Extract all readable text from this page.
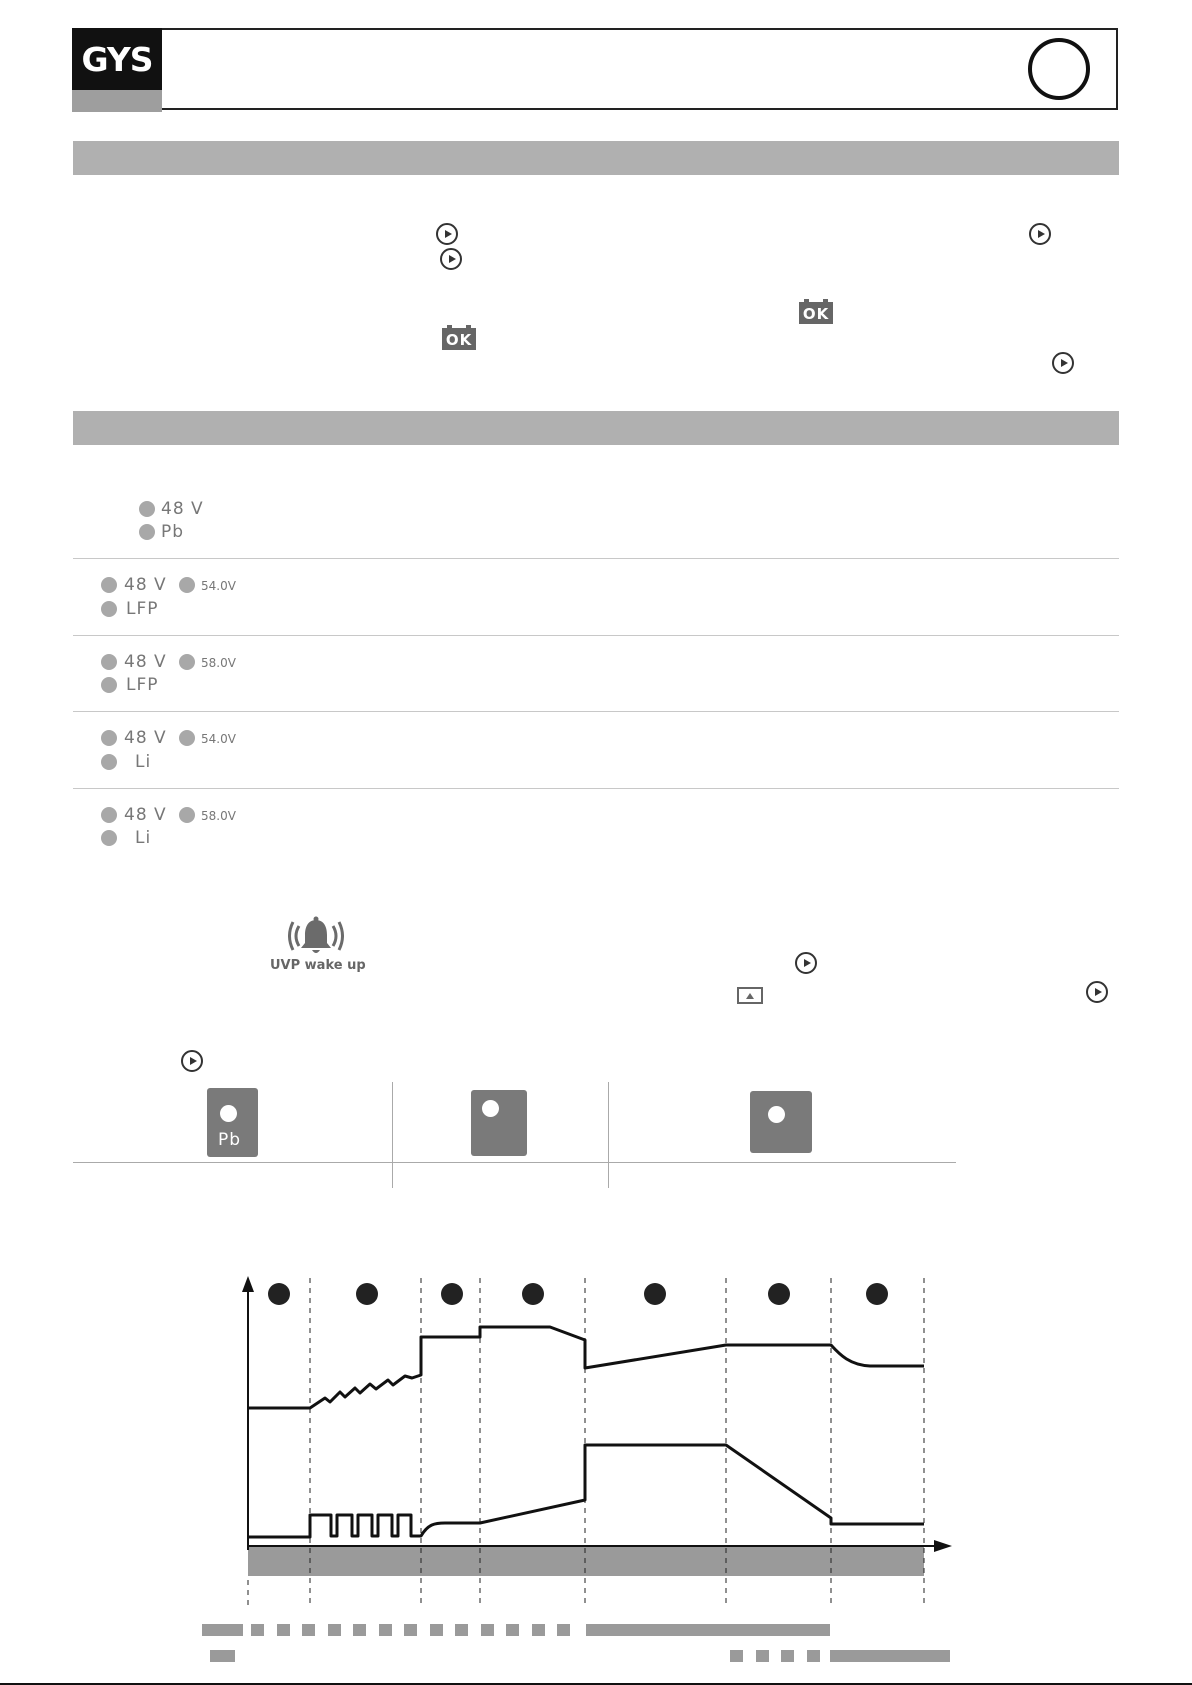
GYS
OK
OK
48 V
Pb
48 V	54.0V
LFP
48 V	58.0V
LFP
48 V	54.0V
Li
48 V	58.0V
Li
UVP wake up
Pb
